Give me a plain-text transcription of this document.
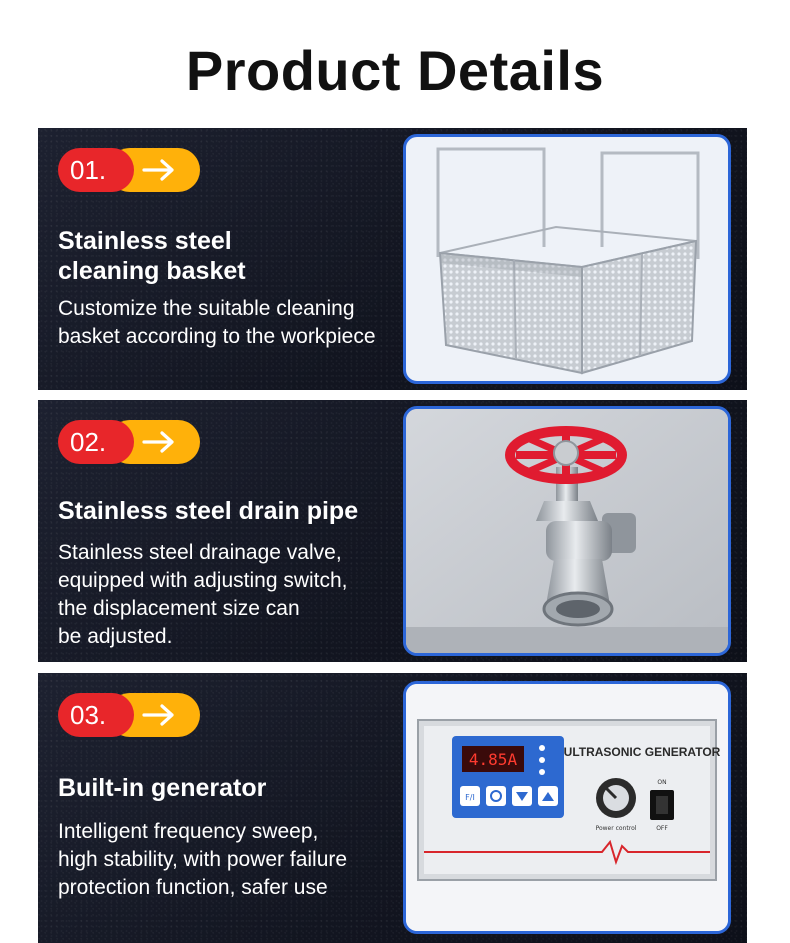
Product Details
01.
Stainless steel
cleaning basket
Customize the suitable cleaning
basket according to the workpiece
02.
Stainless steel drain pipe
Stainless steel drainage valve,
equipped with adjusting switch,
the displacement size can
be adjusted.
03.
Built-in generator
Intelligent frequency sweep,
high stability, with power failure
protection function, safer use
4.85A
F/I
ULTRASONIC GENERATOR
Power control
ON
OFF
